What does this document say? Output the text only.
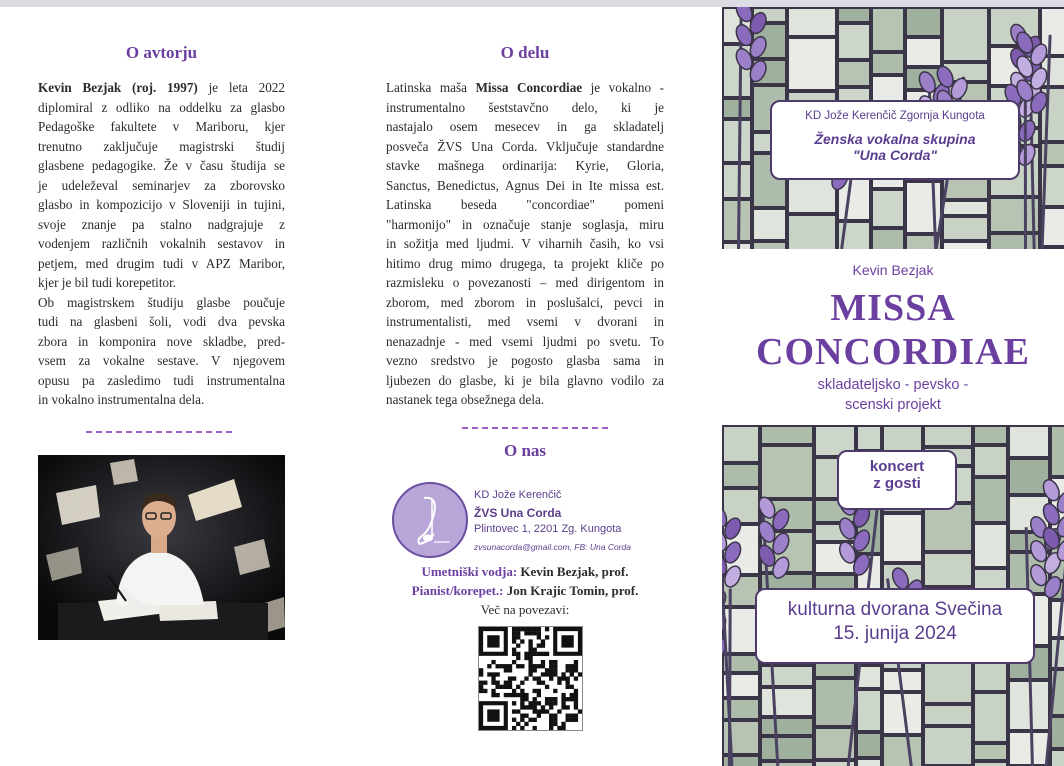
O avtorju
Kevin Bezjak (roj. 1997) je leta 2022
diplomiral z odliko na oddelku za glasbo
Pedagoške fakultete v Mariboru, kjer
trenutno zaključuje magistrski študij
glasbene pedagogike. Že v času študija se
je udeleževal seminarjev za zborovsko
glasbo in kompozicijo v Sloveniji in tujini,
svoje znanje pa stalno nadgrajuje z
vodenjem različnih vokalnih sestavov in
petjem, med drugim tudi v APZ Maribor,
kjer je bil tudi korepetitor.
Ob magistrskem študiju glasbe poučuje
tudi na glasbeni šoli, vodi dva pevska
zbora in komponira nove skladbe, pred-
vsem za vokalne sestave. V njegovem
opusu pa zasledimo tudi instrumentalna
in vokalno instrumentalna dela.
O delu
Latinska maša Missa Concordiae je vokalno -
instrumentalno šeststavčno delo, ki je
nastajalo osem mesecev in ga skladatelj
posveča ŽVS Una Corda. Vključuje standardne
stavke mašnega ordinarija: Kyrie, Gloria,
Sanctus, Benedictus, Agnus Dei in Ite missa est.
Latinska beseda "concordiae" pomeni
"harmonijo" in označuje stanje soglasja, miru
in sožitja med ljudmi. V viharnih časih, ko vsi
hitimo drug mimo drugega, ta projekt kliče po
razmisleku o povezanosti – med dirigentom in
zborom, med zborom in poslušalci, pevci in
instrumentalisti, med vsemi v dvorani in
nenazadnje - med vsemi ljudmi po svetu. To
vezno sredstvo je pogosto glasba sama in
ljubezen do glasbe, ki je bila glavno vodilo za
nastanek tega obsežnega dela.
O nas
KD Jože Kerenčič
ŽVS Una Corda
Plintovec 1, 2201 Zg. Kungota
zvsunacorda@gmail.com, FB: Una Corda
Umetniški vodja: Kevin Bezjak, prof.
Pianist/korepet.: Jon Krajic Tomin, prof.
Več na povezavi:
KD Jože Kerenčič Zgornja Kungota
Ženska vokalna skupina
"Una Corda"
Kevin Bezjak
MISSA
CONCORDIAE
skladateljsko - pevsko -
scenski projekt
koncert
z gosti
kulturna dvorana Svečina
15. junija 2024
